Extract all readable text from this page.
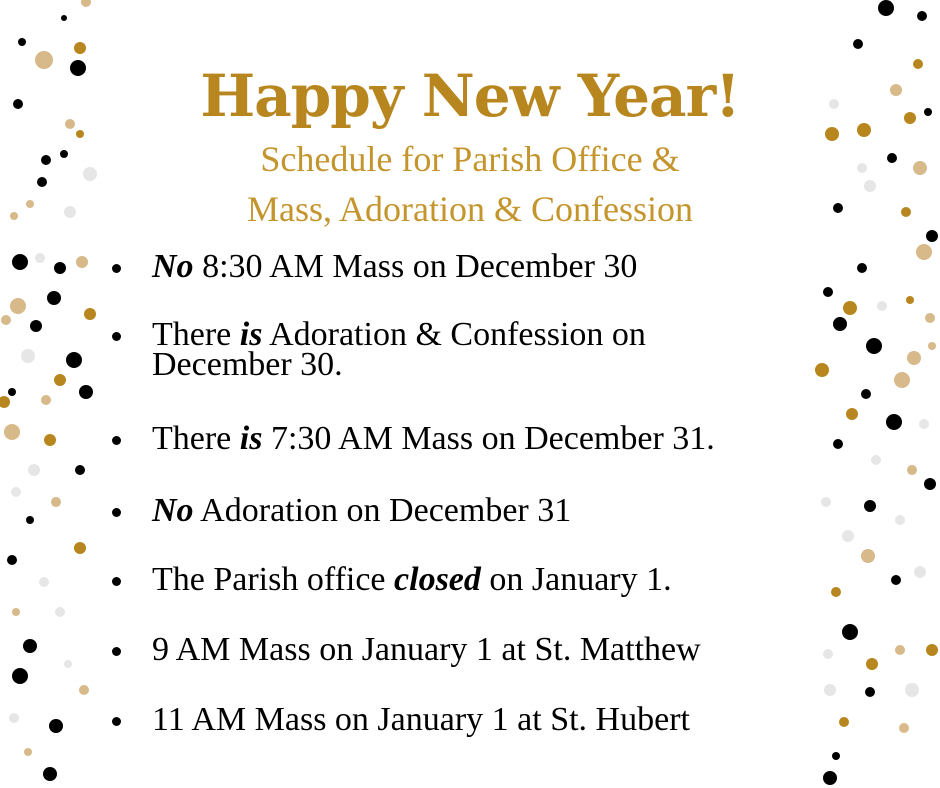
Happy New Year!

Schedule for Parish Office &

Mass, Adoration & Confession

No 8:30 AM Mass on December 30
There is Adoration & Confession on
December 30.
There is 7:30 AM Mass on December 31.
No Adoration on December 31
The Parish office closed on January 1.
9 AM Mass on January 1 at St. Matthew
11 AM Mass on January 1 at St. Hubert
